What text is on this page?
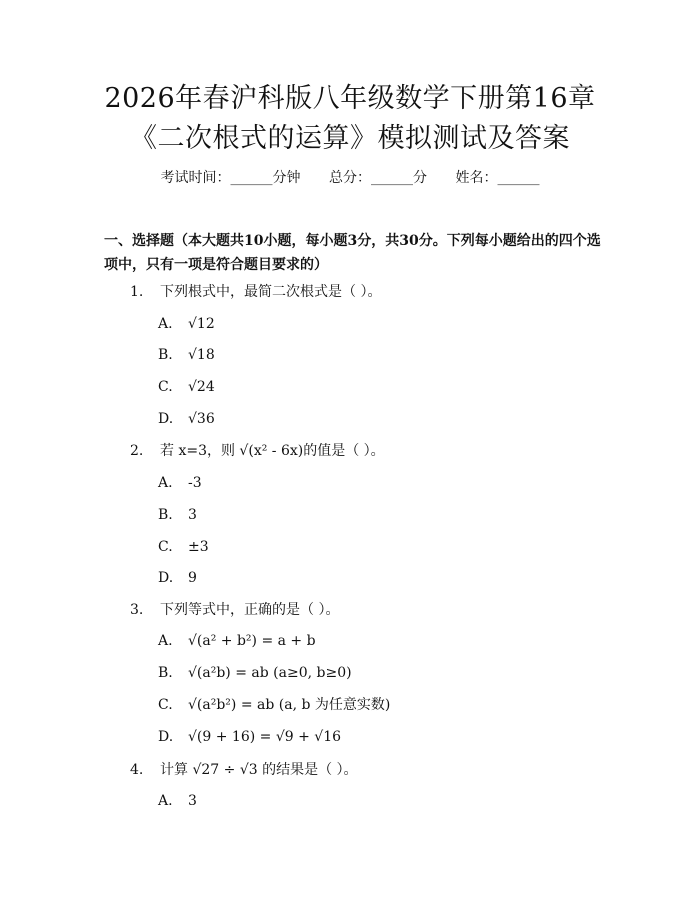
2026年春沪科版八年级数学下册第16章
《二次根式的运算》模拟测试及答案
考试时间：______分钟 总分：______分 姓名：______
一、选择题（本大题共10小题，每小题3分，共30分。下列每小题给出的四个选项中，只有一项是符合题目要求的）
1. 下列根式中，最简二次根式是（ ）。
A. √12
B. √18
C. √24
D. √36
2. 若 x=3，则 √(x² - 6x)的值是（ ）。
A. -3
B. 3
C. ±3
D. 9
3. 下列等式中，正确的是（ ）。
A. √(a² + b²) = a + b
B. √(a²b) = ab (a≥0, b≥0)
C. √(a²b²) = ab (a, b 为任意实数)
D. √(9 + 16) = √9 + √16
4. 计算 √27 ÷ √3 的结果是（ ）。
A. 3
